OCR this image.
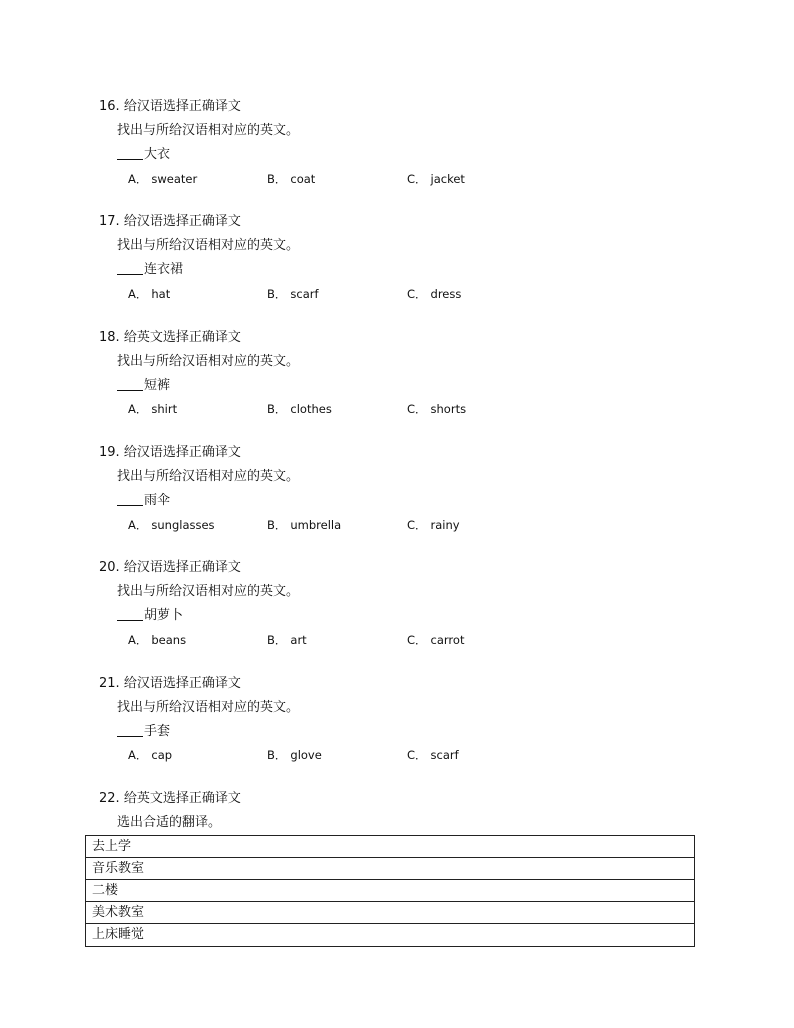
16. 给汉语选择正确译文
找出与所给汉语相对应的英文。
大衣
A． sweater	B． coat	C． jacket
17. 给汉语选择正确译文
找出与所给汉语相对应的英文。
连衣裙
A． hat	B． scarf	C． dress
18. 给英文选择正确译文
找出与所给汉语相对应的英文。
短裤
A． shirt	B． clothes	C． shorts
19. 给汉语选择正确译文
找出与所给汉语相对应的英文。
雨伞
A． sunglasses	B． umbrella	C． rainy
20. 给汉语选择正确译文
找出与所给汉语相对应的英文。
胡萝卜
A． beans	B． art	C． carrot
21. 给汉语选择正确译文
找出与所给汉语相对应的英文。
手套
A． cap	B． glove	C． scarf
22. 给英文选择正确译文
选出合适的翻译。
去上学
音乐教室
二楼
美术教室
上床睡觉
